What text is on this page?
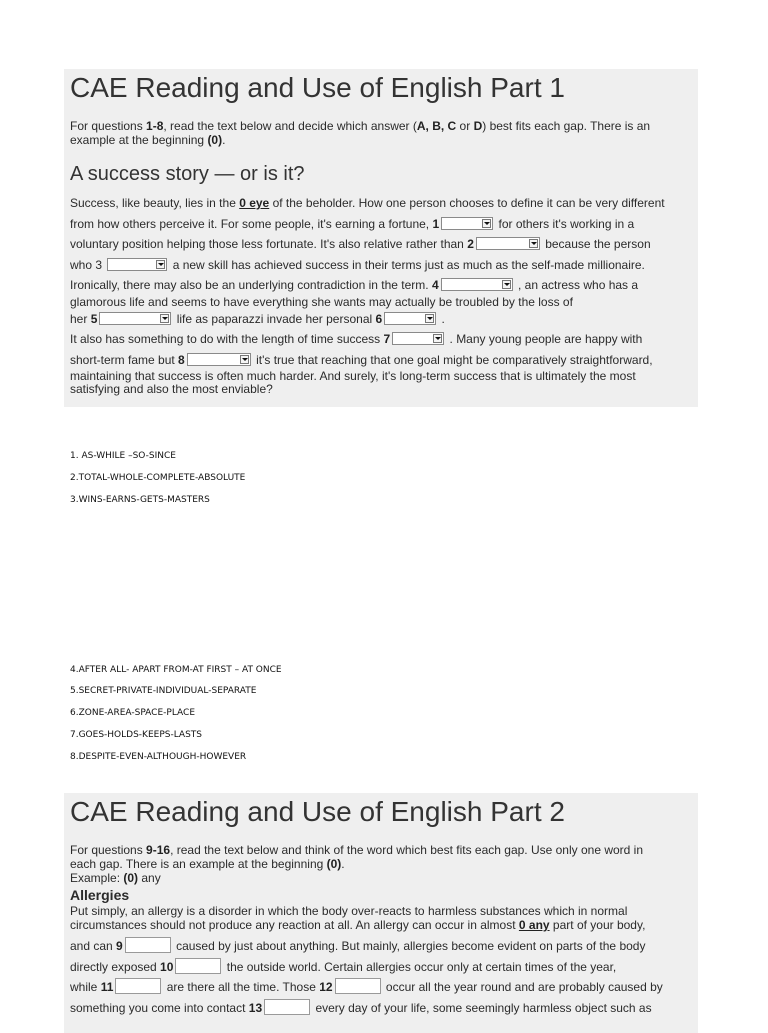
CAE Reading and Use of English Part 1

For questions 1-8, read the text below and decide which answer (A, B, C or D) best fits each gap. There is an
example at the beginning (0).

A success story — or is it?
Success, like beauty, lies in the 0 eye of the beholder. How one person chooses to define it can be very different
from how others perceive it. For some people, it's earning a fortune, 1	for others it's working in a
voluntary position helping those less fortunate. It's also relative rather than 2	because the person
who 3	a new skill has achieved success in their terms just as much as the self-made millionaire.
Ironically, there may also be an underlying contradiction in the term. 4	, an actress who has a
glamorous life and seems to have everything she wants may actually be troubled by the loss of
her 5	life as paparazzi invade her personal 6	.
It also has something to do with the length of time success 7	. Many young people are happy with
short-term fame but 8	it's true that reaching that one goal might be comparatively straightforward,
maintaining that success is often much harder. And surely, it's long-term success that is ultimately the most
satisfying and also the most enviable?
1. AS-WHILE –SO-SINCE
2.TOTAL-WHOLE-COMPLETE-ABSOLUTE
3.WINS-EARNS-GETS-MASTERS
4.AFTER ALL- APART FROM-AT FIRST – AT ONCE
5.SECRET-PRIVATE-INDIVIDUAL-SEPARATE
6.ZONE-AREA-SPACE-PLACE
7.GOES-HOLDS-KEEPS-LASTS
8.DESPITE-EVEN-ALTHOUGH-HOWEVER
CAE Reading and Use of English Part 2

For questions 9-16, read the text below and think of the word which best fits each gap. Use only one word in
each gap. There is an example at the beginning (0).
Example: (0) any

Allergies
Put simply, an allergy is a disorder in which the body over-reacts to harmless substances which in normal
circumstances should not produce any reaction at all. An allergy can occur in almost 0 any part of your body,
and can 9	caused by just about anything. But mainly, allergies become evident on parts of the body
directly exposed 10	the outside world. Certain allergies occur only at certain times of the year,
while 11	are there all the time. Those 12	occur all the year round and are probably caused by
something you come into contact 13	every day of your life, some seemingly harmless object such as
